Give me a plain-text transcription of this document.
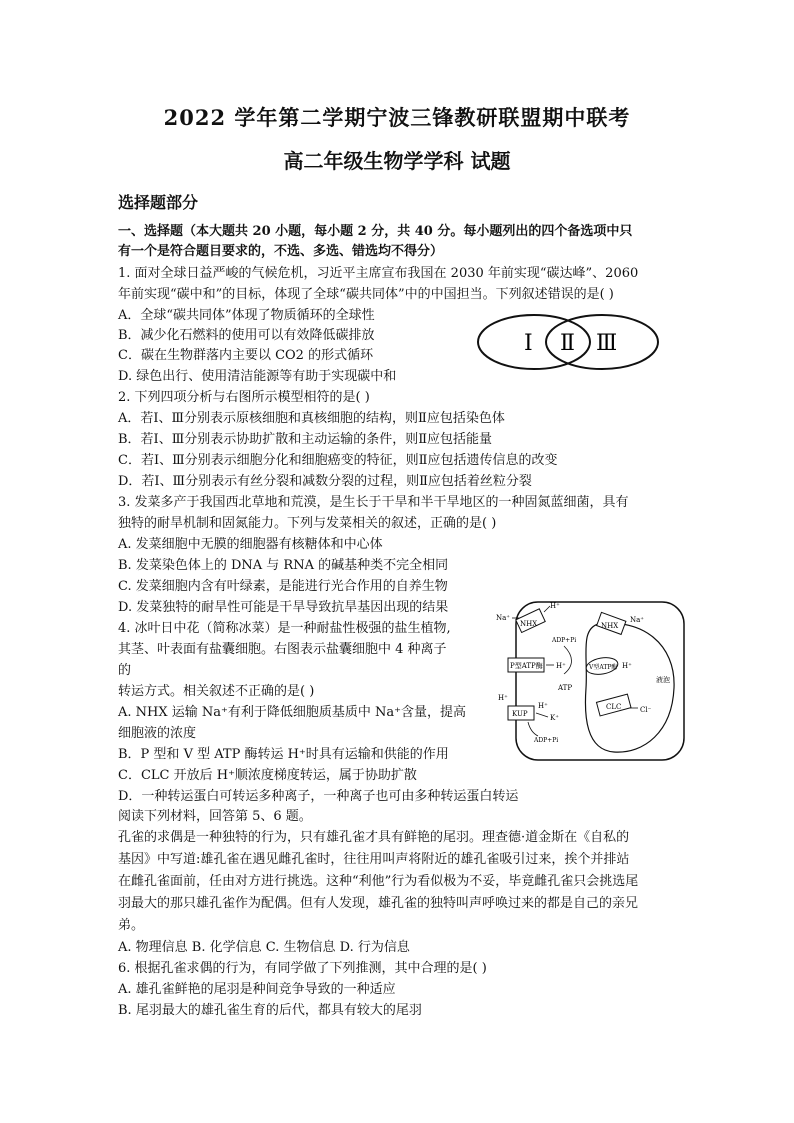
2022 学年第二学期宁波三锋教研联盟期中联考
高二年级生物学学科 试题
选择题部分
一、选择题（本大题共 20 小题，每小题 2 分，共 40 分。每小题列出的四个备选项中只
有一个是符合题目要求的，不选、多选、错选均不得分）
1. 面对全球日益严峻的气候危机，习近平主席宣布我国在 2030 年前实现“碳达峰”、2060
年前实现“碳中和”的目标，体现了全球“碳共同体”中的中国担当。下列叙述错误的是( )
A．全球“碳共同体”体现了物质循环的全球性
B．减少化石燃料的使用可以有效降低碳排放
C．碳在生物群落内主要以 CO2 的形式循环
D. 绿色出行、使用清洁能源等有助于实现碳中和
2. 下列四项分析与右图所示模型相符的是( )
A．若Ⅰ、Ⅲ分别表示原核细胞和真核细胞的结构，则Ⅱ应包括染色体
B．若Ⅰ、Ⅲ分别表示协助扩散和主动运输的条件，则Ⅱ应包括能量
C．若Ⅰ、Ⅲ分别表示细胞分化和细胞癌变的特征，则Ⅱ应包括遗传信息的改变
D．若Ⅰ、Ⅲ分别表示有丝分裂和减数分裂的过程，则Ⅱ应包括着丝粒分裂
3. 发菜多产于我国西北草地和荒漠，是生长于干旱和半干旱地区的一种固氮蓝细菌，具有
独特的耐旱机制和固氮能力。下列与发菜相关的叙述，正确的是( )
A. 发菜细胞中无膜的细胞器有核糖体和中心体
B. 发菜染色体上的 DNA 与 RNA 的碱基种类不完全相同
C. 发菜细胞内含有叶绿素，是能进行光合作用的自养生物
D. 发菜独特的耐旱性可能是干旱导致抗旱基因出现的结果
4. 冰叶日中花（简称冰菜）是一种耐盐性极强的盐生植物,
其茎、叶表面有盐囊细胞。右图表示盐囊细胞中 4 种离子
的
转运方式。相关叙述不正确的是( )
A. NHX 运输 Na⁺有利于降低细胞质基质中 Na⁺含量，提高
细胞液的浓度
B．P 型和 V 型 ATP 酶转运 H⁺时具有运输和供能的作用
C．CLC 开放后 H⁺顺浓度梯度转运，属于协助扩散
D．一种转运蛋白可转运多种离子，一种离子也可由多种转运蛋白转运
阅读下列材料，回答第 5、6 题。
孔雀的求偶是一种独特的行为，只有雄孔雀才具有鲜艳的尾羽。理查德·道金斯在《自私的
基因》中写道:雄孔雀在遇见雌孔雀时，往往用叫声将附近的雄孔雀吸引过来，挨个并排站
在雌孔雀面前，任由对方进行挑选。这种“利他”行为看似极为不妥，毕竟雌孔雀只会挑选尾
羽最大的那只雄孔雀作为配偶。但有人发现，雄孔雀的独特叫声呼唤过来的都是自己的亲兄
弟。
A. 物理信息 B. 化学信息 C. 生物信息 D. 行为信息
6. 根据孔雀求偶的行为，有同学做了下列推测，其中合理的是( )
A. 雄孔雀鲜艳的尾羽是种间竞争导致的一种适应
B. 尾羽最大的雄孔雀生育的后代，都具有较大的尾羽
Ⅰ Ⅱ Ⅲ
NHX
Na⁺
H⁺
NHX
Na⁺
ADP+Pi
P型ATP酶 H⁺	V型ATP酶 H⁺
ATP
液泡
H⁺
KUP
H⁺
K⁺
CLC	Cl⁻
ADP+Pi
